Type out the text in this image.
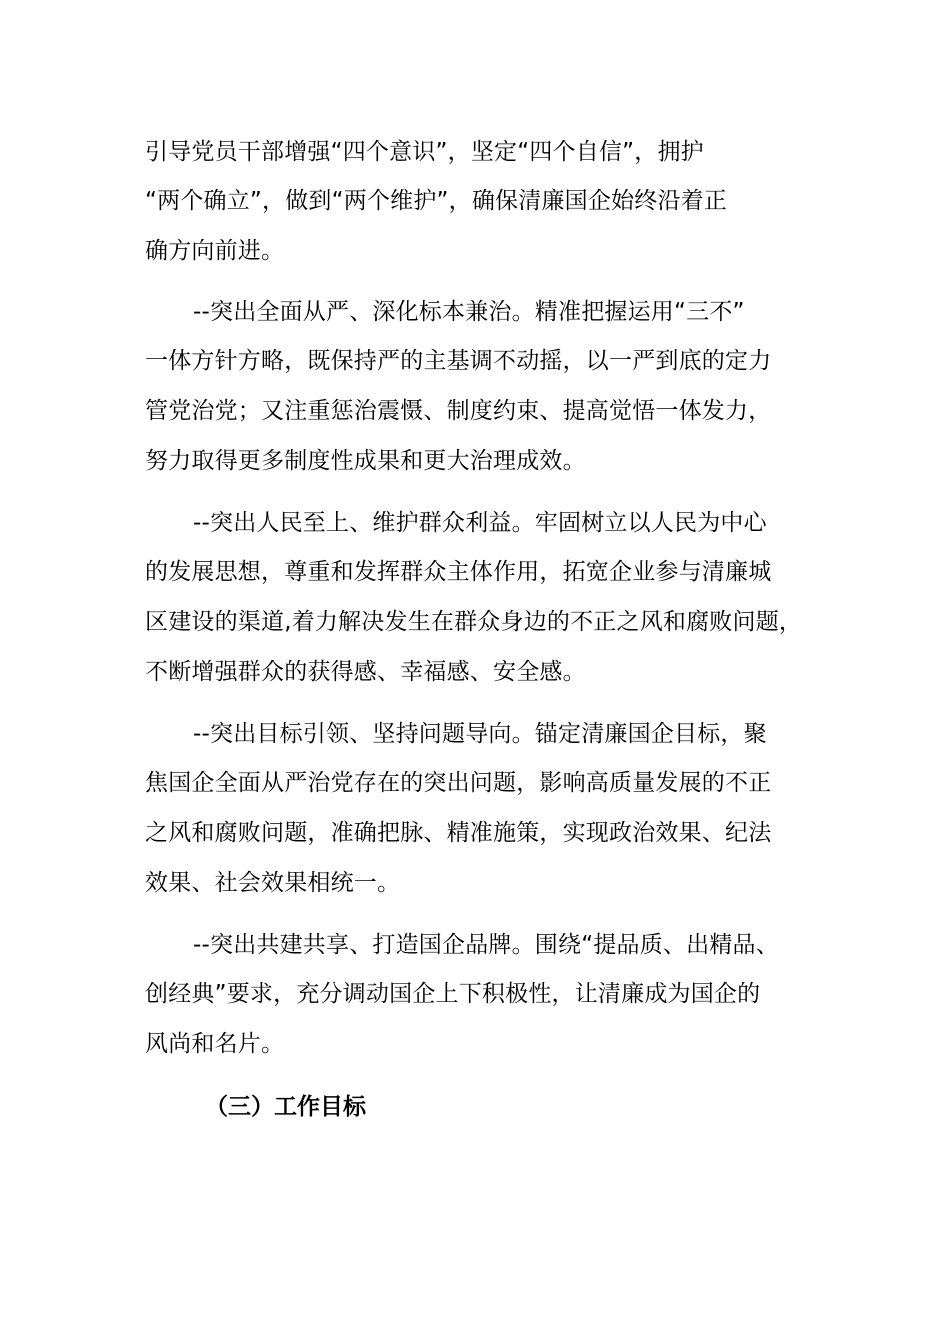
引导党员干部增强“四个意识”，坚定“四个自信”，拥护
“两个确立”，做到“两个维护”，确保清廉国企始终沿着正
确方向前进。
--突出全面从严、深化标本兼治。精准把握运用“三不”
一体方针方略，既保持严的主基调不动摇，以一严到底的定力
管党治党；又注重惩治震慑、制度约束、提高觉悟一体发力，
努力取得更多制度性成果和更大治理成效。
--突出人民至上、维护群众利益。牢固树立以人民为中心
的发展思想，尊重和发挥群众主体作用，拓宽企业参与清廉城
区建设的渠道,着力解决发生在群众身边的不正之风和腐败问题，
不断增强群众的获得感、幸福感、安全感。
--突出目标引领、坚持问题导向。锚定清廉国企目标，聚
焦国企全面从严治党存在的突出问题，影响高质量发展的不正
之风和腐败问题，准确把脉、精准施策，实现政治效果、纪法
效果、社会效果相统一。
--突出共建共享、打造国企品牌。围绕“提品质、出精品、
创经典”要求，充分调动国企上下积极性，让清廉成为国企的
风尚和名片。
（三）工作目标
